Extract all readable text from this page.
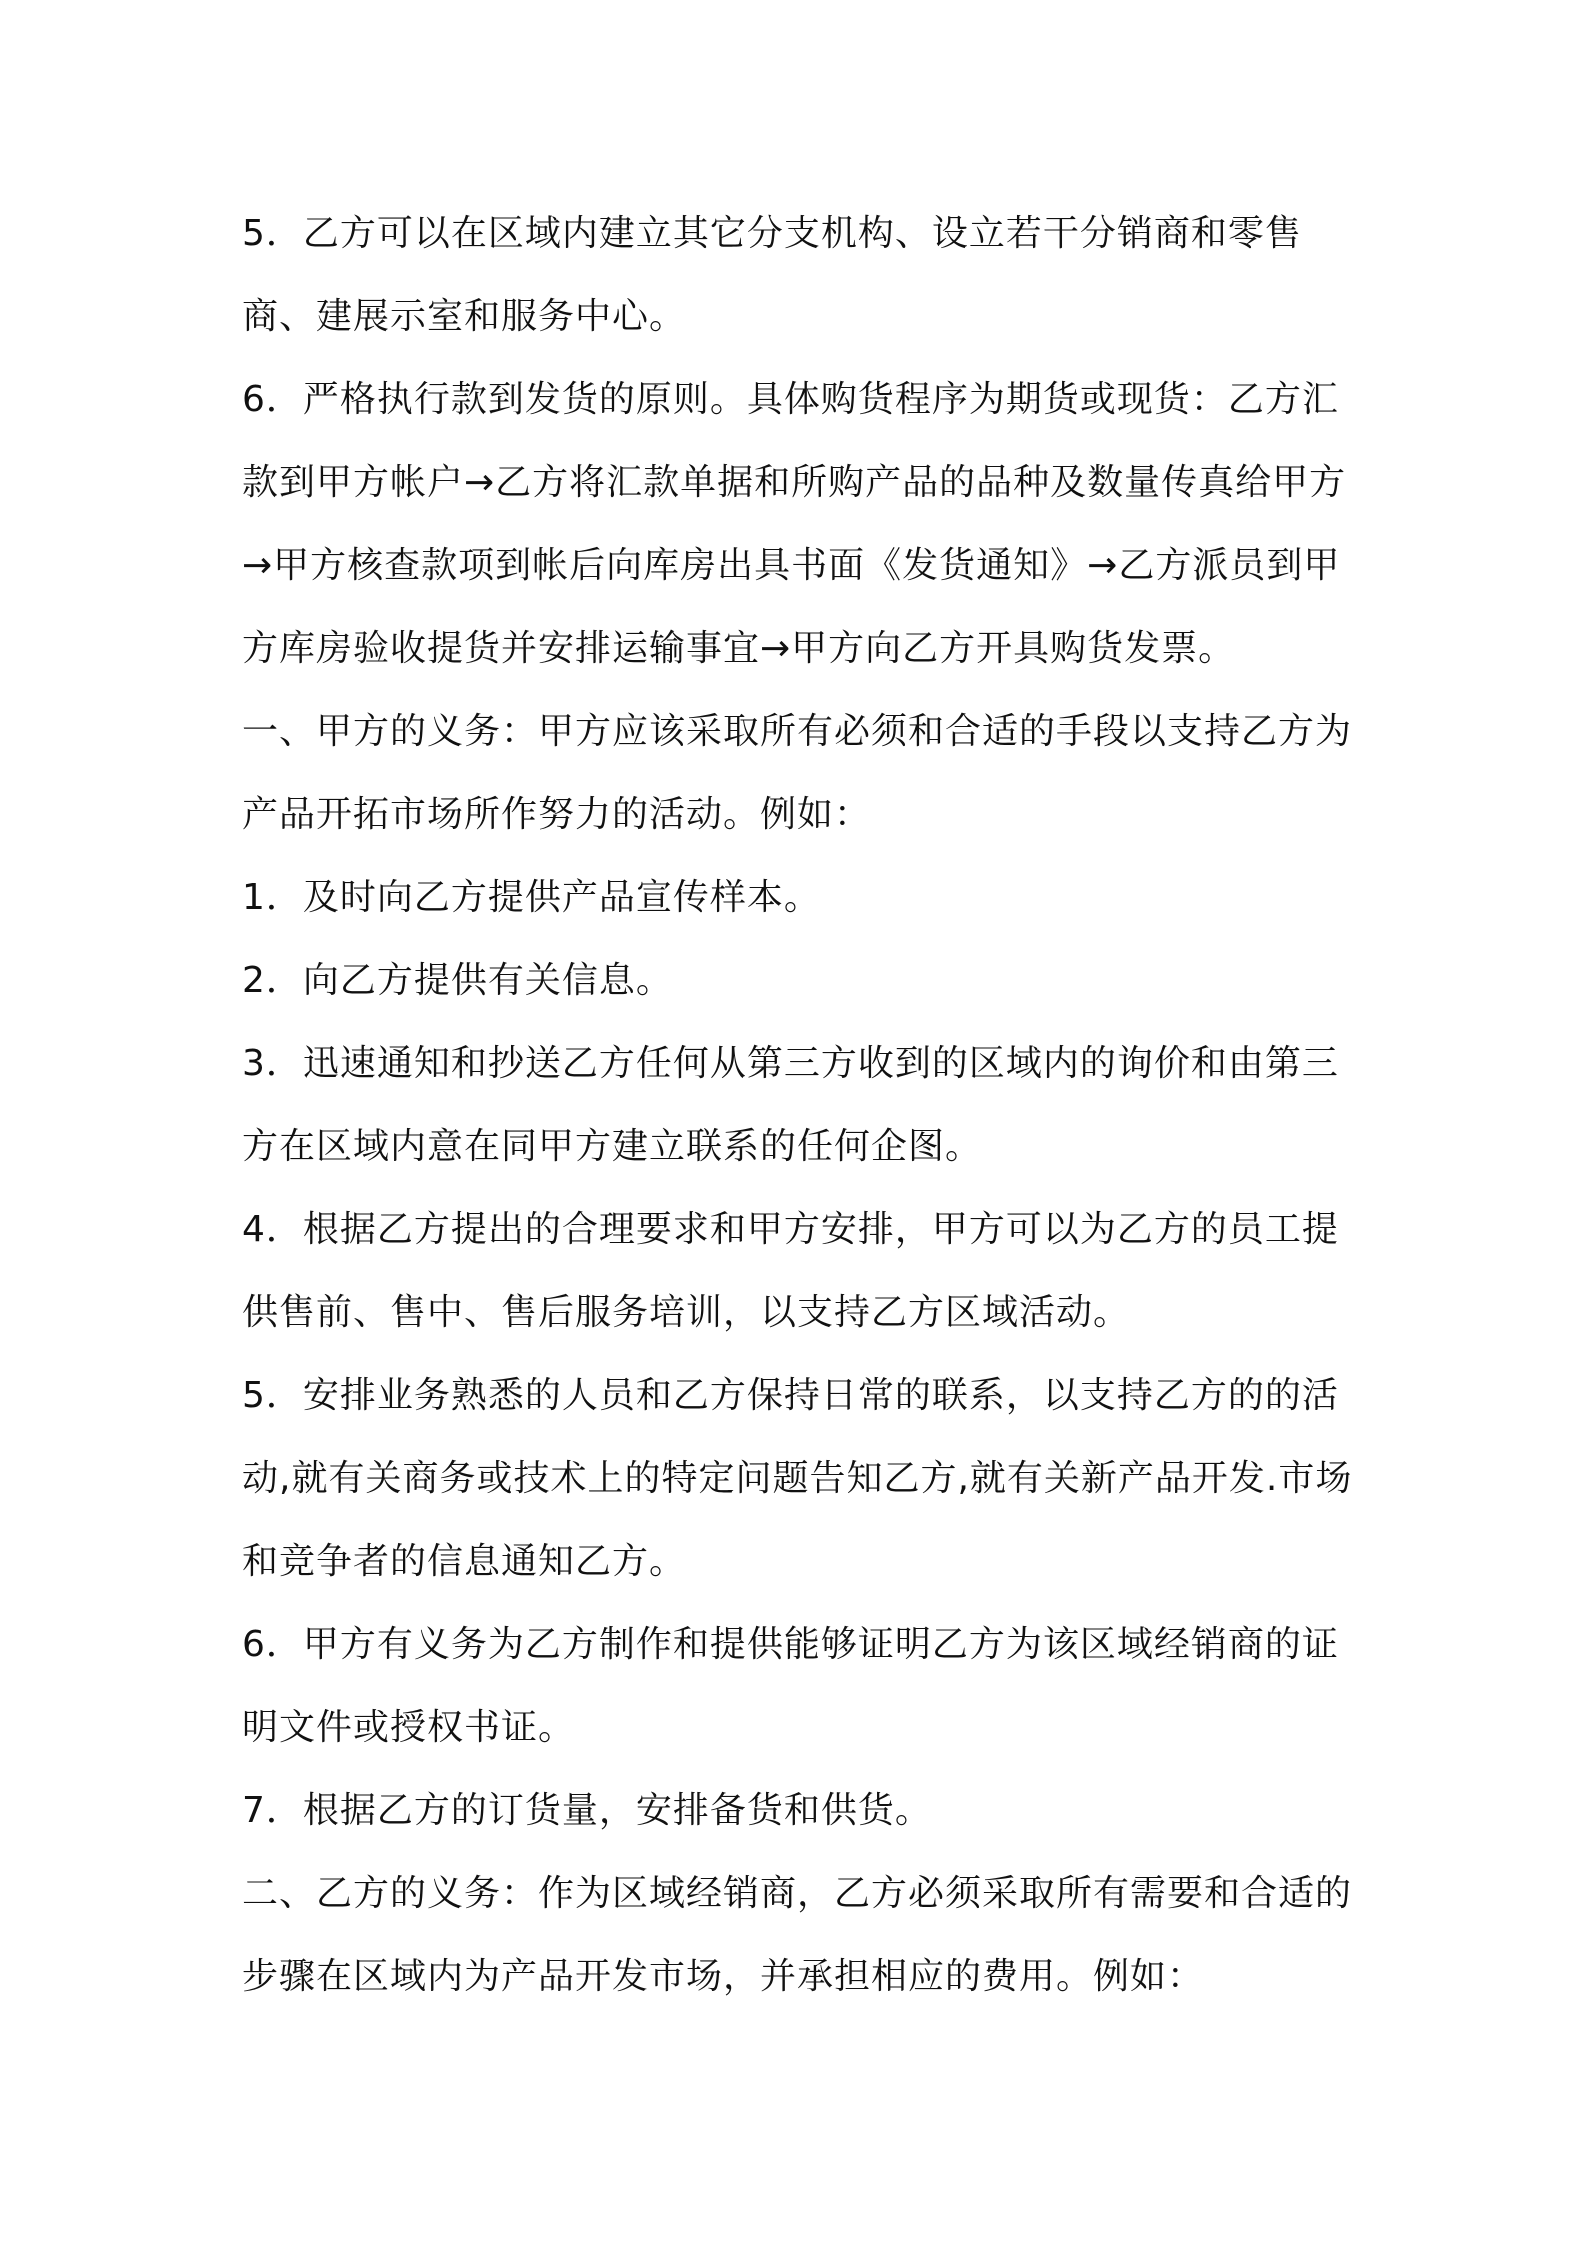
5．乙方可以在区域内建立其它分支机构、设立若干分销商和零售商、建展示室和服务中心。

6．严格执行款到发货的原则。具体购货程序为期货或现货：乙方汇款到甲方帐户→乙方将汇款单据和所购产品的品种及数量传真给甲方→甲方核查款项到帐后向库房出具书面《发货通知》→乙方派员到甲方库房验收提货并安排运输事宜→甲方向乙方开具购货发票。

一、甲方的义务：甲方应该采取所有必须和合适的手段以支持乙方为产品开拓市场所作努力的活动。例如：

1．及时向乙方提供产品宣传样本。

2．向乙方提供有关信息。

3．迅速通知和抄送乙方任何从第三方收到的区域内的询价和由第三方在区域内意在同甲方建立联系的任何企图。

4．根据乙方提出的合理要求和甲方安排，甲方可以为乙方的员工提供售前、售中、售后服务培训，以支持乙方区域活动。

5．安排业务熟悉的人员和乙方保持日常的联系，以支持乙方的的活动,就有关商务或技术上的特定问题告知乙方,就有关新产品开发.市场和竞争者的信息通知乙方。

6．甲方有义务为乙方制作和提供能够证明乙方为该区域经销商的证明文件或授权书证。

7．根据乙方的订货量，安排备货和供货。

二、乙方的义务：作为区域经销商，乙方必须采取所有需要和合适的步骤在区域内为产品开发市场，并承担相应的费用。例如：
